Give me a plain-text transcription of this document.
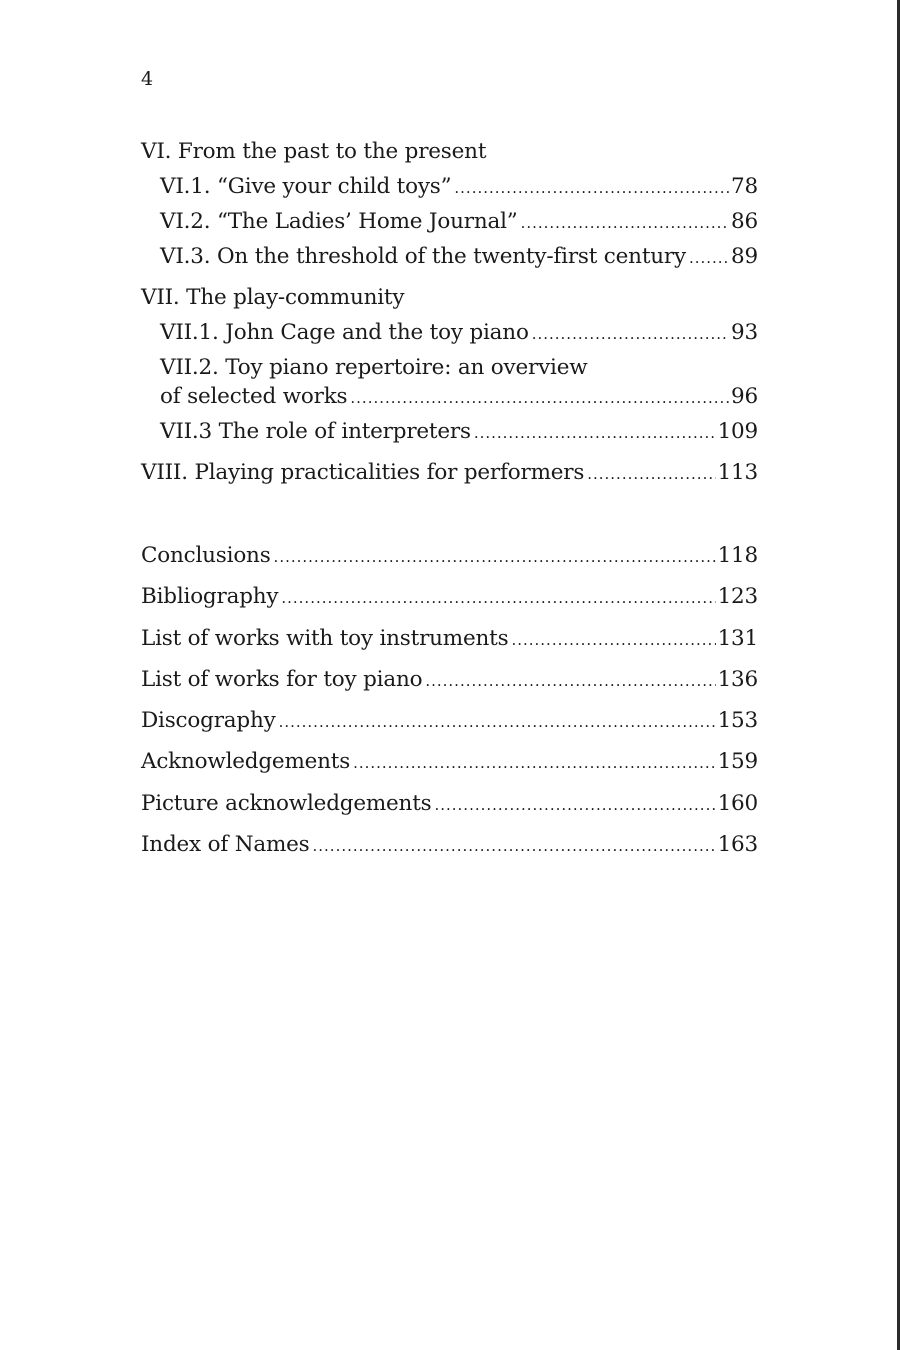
4
VI. From the past to the present
VI.1. “Give your child toys” .....	78
VI.2. “The Ladies’ Home Journal” .....	86
VI.3. On the threshold of the twenty-first century ..... 89
VII. The play-community
VII.1. John Cage and the toy piano .....	93
VII.2. Toy piano repertoire: an overview
of selected works .....	96
VII.3 The role of interpreters .....	109
VIII. Playing practicalities for performers .....	113
Conclusions .....	118
Bibliography .....	123
List of works with toy instruments .....	131
List of works for toy piano .....	136
Discography .....	153
Acknowledgements .....	159
Picture acknowledgements .....	160
Index of Names .....	163
